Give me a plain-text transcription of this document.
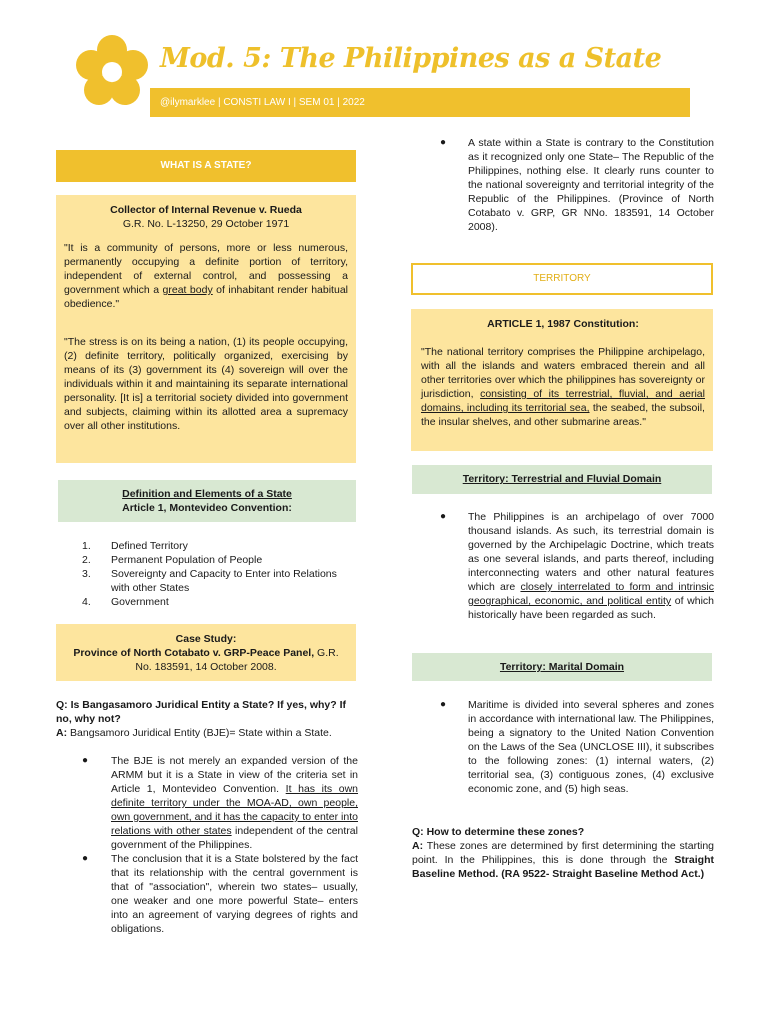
Mod. 5: The Philippines as a State
@ilymarklee | CONSTI LAW I | SEM 01 | 2022
WHAT IS A STATE?
Collector of Internal Revenue v. Rueda
G.R. No. L-13250, 29 October 1971
"It is a community of persons, more or less numerous, permanently occupying a definite portion of territory, independent of external control, and possessing a government which a great body of inhabitant render habitual obedience."
"The stress is on its being a nation, (1) its people occupying, (2) definite territory, politically organized, exercising by means of its (3) government its (4) sovereign will over the individuals within it and maintaining its separate international personality. [It is] a territorial society divided into government and subjects, claiming within its allotted area a supremacy over all other institutions.
Definition and Elements of a State
Article 1, Montevideo Convention:
1. Defined Territory
2. Permanent Population of People
3. Sovereignty and Capacity to Enter into Relations
with other States
4. Government
Case Study:
Province of North Cotabato v. GRP-Peace Panel, G.R.
No. 183591, 14 October 2008.
Q: Is Bangasamoro Juridical Entity a State? If yes, why? If no, why not?
A: Bangsamoro Juridical Entity (BJE)= State within a State.
● The BJE is not merely an expanded version of the ARMM but it is a State in view of the criteria set in Article 1, Montevideo Convention. It has its own definite territory under the MOA-AD, own people, own government, and it has the capacity to enter into relations with other states independent of the central government of the Philippines.
● The conclusion that it is a State bolstered by the fact that its relationship with the central government is that of "association", wherein two states– usually, one weaker and one more powerful State– enters into an agreement of varying degrees of rights and obligations.
● A state within a State is contrary to the Constitution as it recognized only one State– The Republic of the Philippines, nothing else. It clearly runs counter to the national sovereignty and territorial integrity of the Republic of the Philippines. (Province of North Cotabato v. GRP, GR NNo. 183591, 14 October 2008).
TERRITORY
ARTICLE 1, 1987 Constitution:
"The national territory comprises the Philippine archipelago, with all the islands and waters embraced therein and all other territories over which the philippines has sovereignty or jurisdiction, consisting of its terrestrial, fluvial, and aerial domains, including its territorial sea, the seabed, the subsoil, the insular shelves, and other submarine areas."
Territory: Terrestrial and Fluvial Domain
● The Philippines is an archipelago of over 7000 thousand islands. As such, its terrestrial domain is governed by the Archipelagic Doctrine, which treats as one several islands, and parts thereof, including interconnecting waters and other natural features which are closely interrelated to form and intrinsic geographical, economic, and political entity of which historically have been regarded as such.
Territory: Marital Domain
● Maritime is divided into several spheres and zones in accordance with international law. The Philippines, being a signatory to the United Nation Convention on the Laws of the Sea (UNCLOSE III), it subscribes to the following zones: (1) internal waters, (2) territorial sea, (3) contiguous zones, (4) exclusive economic zone, and (5) high seas.
Q: How to determine these zones?
A: These zones are determined by first determining the starting point. In the Philippines, this is done through the Straight Baseline Method. (RA 9522- Straight Baseline Method Act.)
